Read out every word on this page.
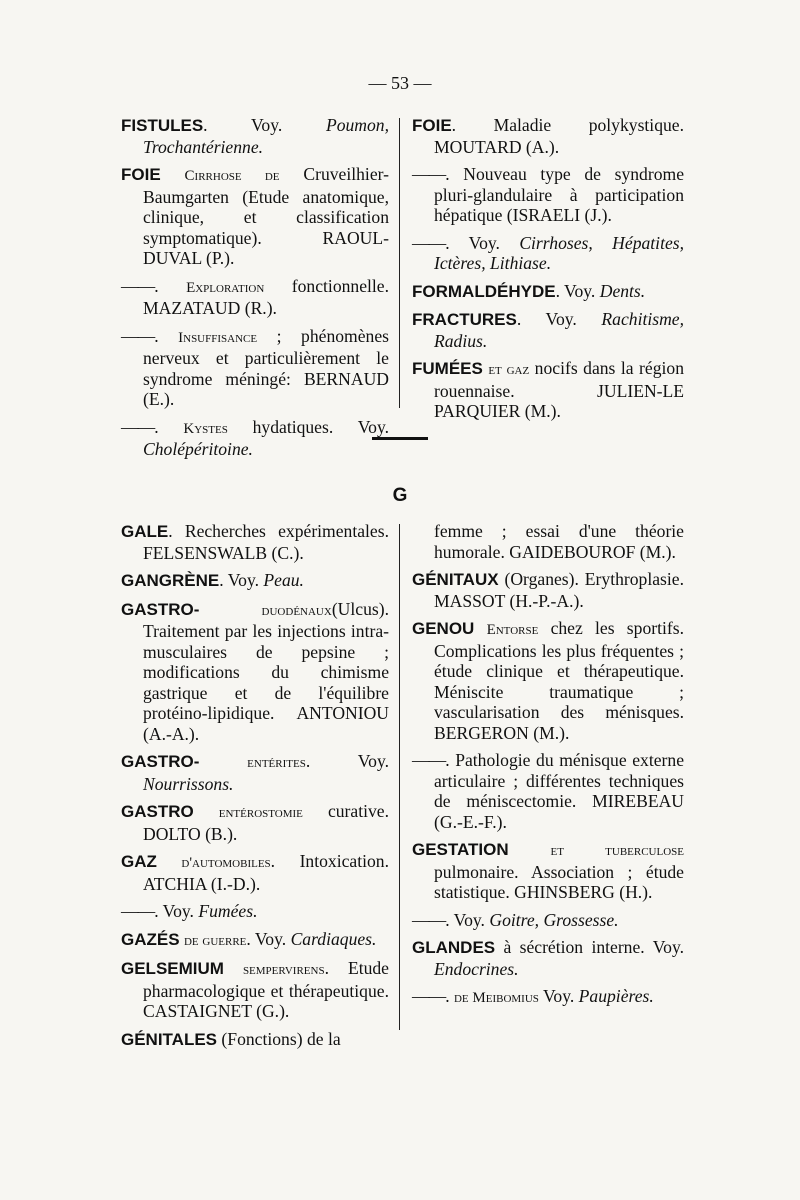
— 53 —

FISTULES. Voy. Poumon, Trochantérienne.

FOIE Cirrhose de Cruveilhier-Baumgarten (Etude anatomique, clinique, et classification symptomatique). RAOUL-DUVAL (P.).

——. Exploration fonctionnelle. MAZATAUD (R.).

——. Insuffisance ; phénomènes nerveux et particulièrement le syndrome méningé: BERNAUD (E.).

——. Kystes hydatiques. Voy. Cholépéritoine.

FOIE. Maladie polykystique. MOUTARD (A.).

——. Nouveau type de syndrome pluri-glandulaire à participation hépatique (ISRAELI (J.).

——. Voy. Cirrhoses, Hépatites, Ictères, Lithiase.

FORMALDÉHYDE. Voy. Dents.

FRACTURES. Voy. Rachitisme, Radius.

FUMÉES et gaz nocifs dans la région rouennaise. JULIEN-LE PARQUIER (M.).

G

GALE. Recherches expérimentales. FELSENSWALB (C.).

GANGRÈNE. Voy. Peau.

GASTRO-	duodénaux(Ulcus). Traitement par les injections intra-musculaires de pepsine ; modifications du chimisme gastrique et de l'équilibre protéino-lipidique. ANTONIOU (A.-A.).

GASTRO-	entérites. Voy. Nourrissons.

GASTRO entérostomie curative. DOLTO (B.).

GAZ d'automobiles. Intoxication. ATCHIA (I.-D.).

——. Voy. Fumées.

GAZÉS de guerre. Voy. Cardiaques.

GELSEMIUM sempervirens. Etude pharmacologique et thérapeutique. CASTAIGNET (G.).

GÉNITALES (Fonctions) de la

femme ; essai d'une théorie humorale. GAIDEBOUROF (M.).

GÉNITAUX (Organes). Erythroplasie. MASSOT (H.-P.-A.).

GENOU Entorse chez les sportifs. Complications les plus fréquentes ; étude clinique et thérapeutique. Méniscite traumatique ; vascularisation des ménisques. BERGERON (M.).

——. Pathologie du ménisque externe articulaire ; différentes techniques de méniscectomie. MIREBEAU (G.-E.-F.).

GESTATION	et tuberculose pulmonaire. Association ; étude statistique. GHINSBERG (H.).

——. Voy. Goitre, Grossesse.

GLANDES à sécrétion interne. Voy. Endocrines.

——. de Meibomius Voy. Paupières.
